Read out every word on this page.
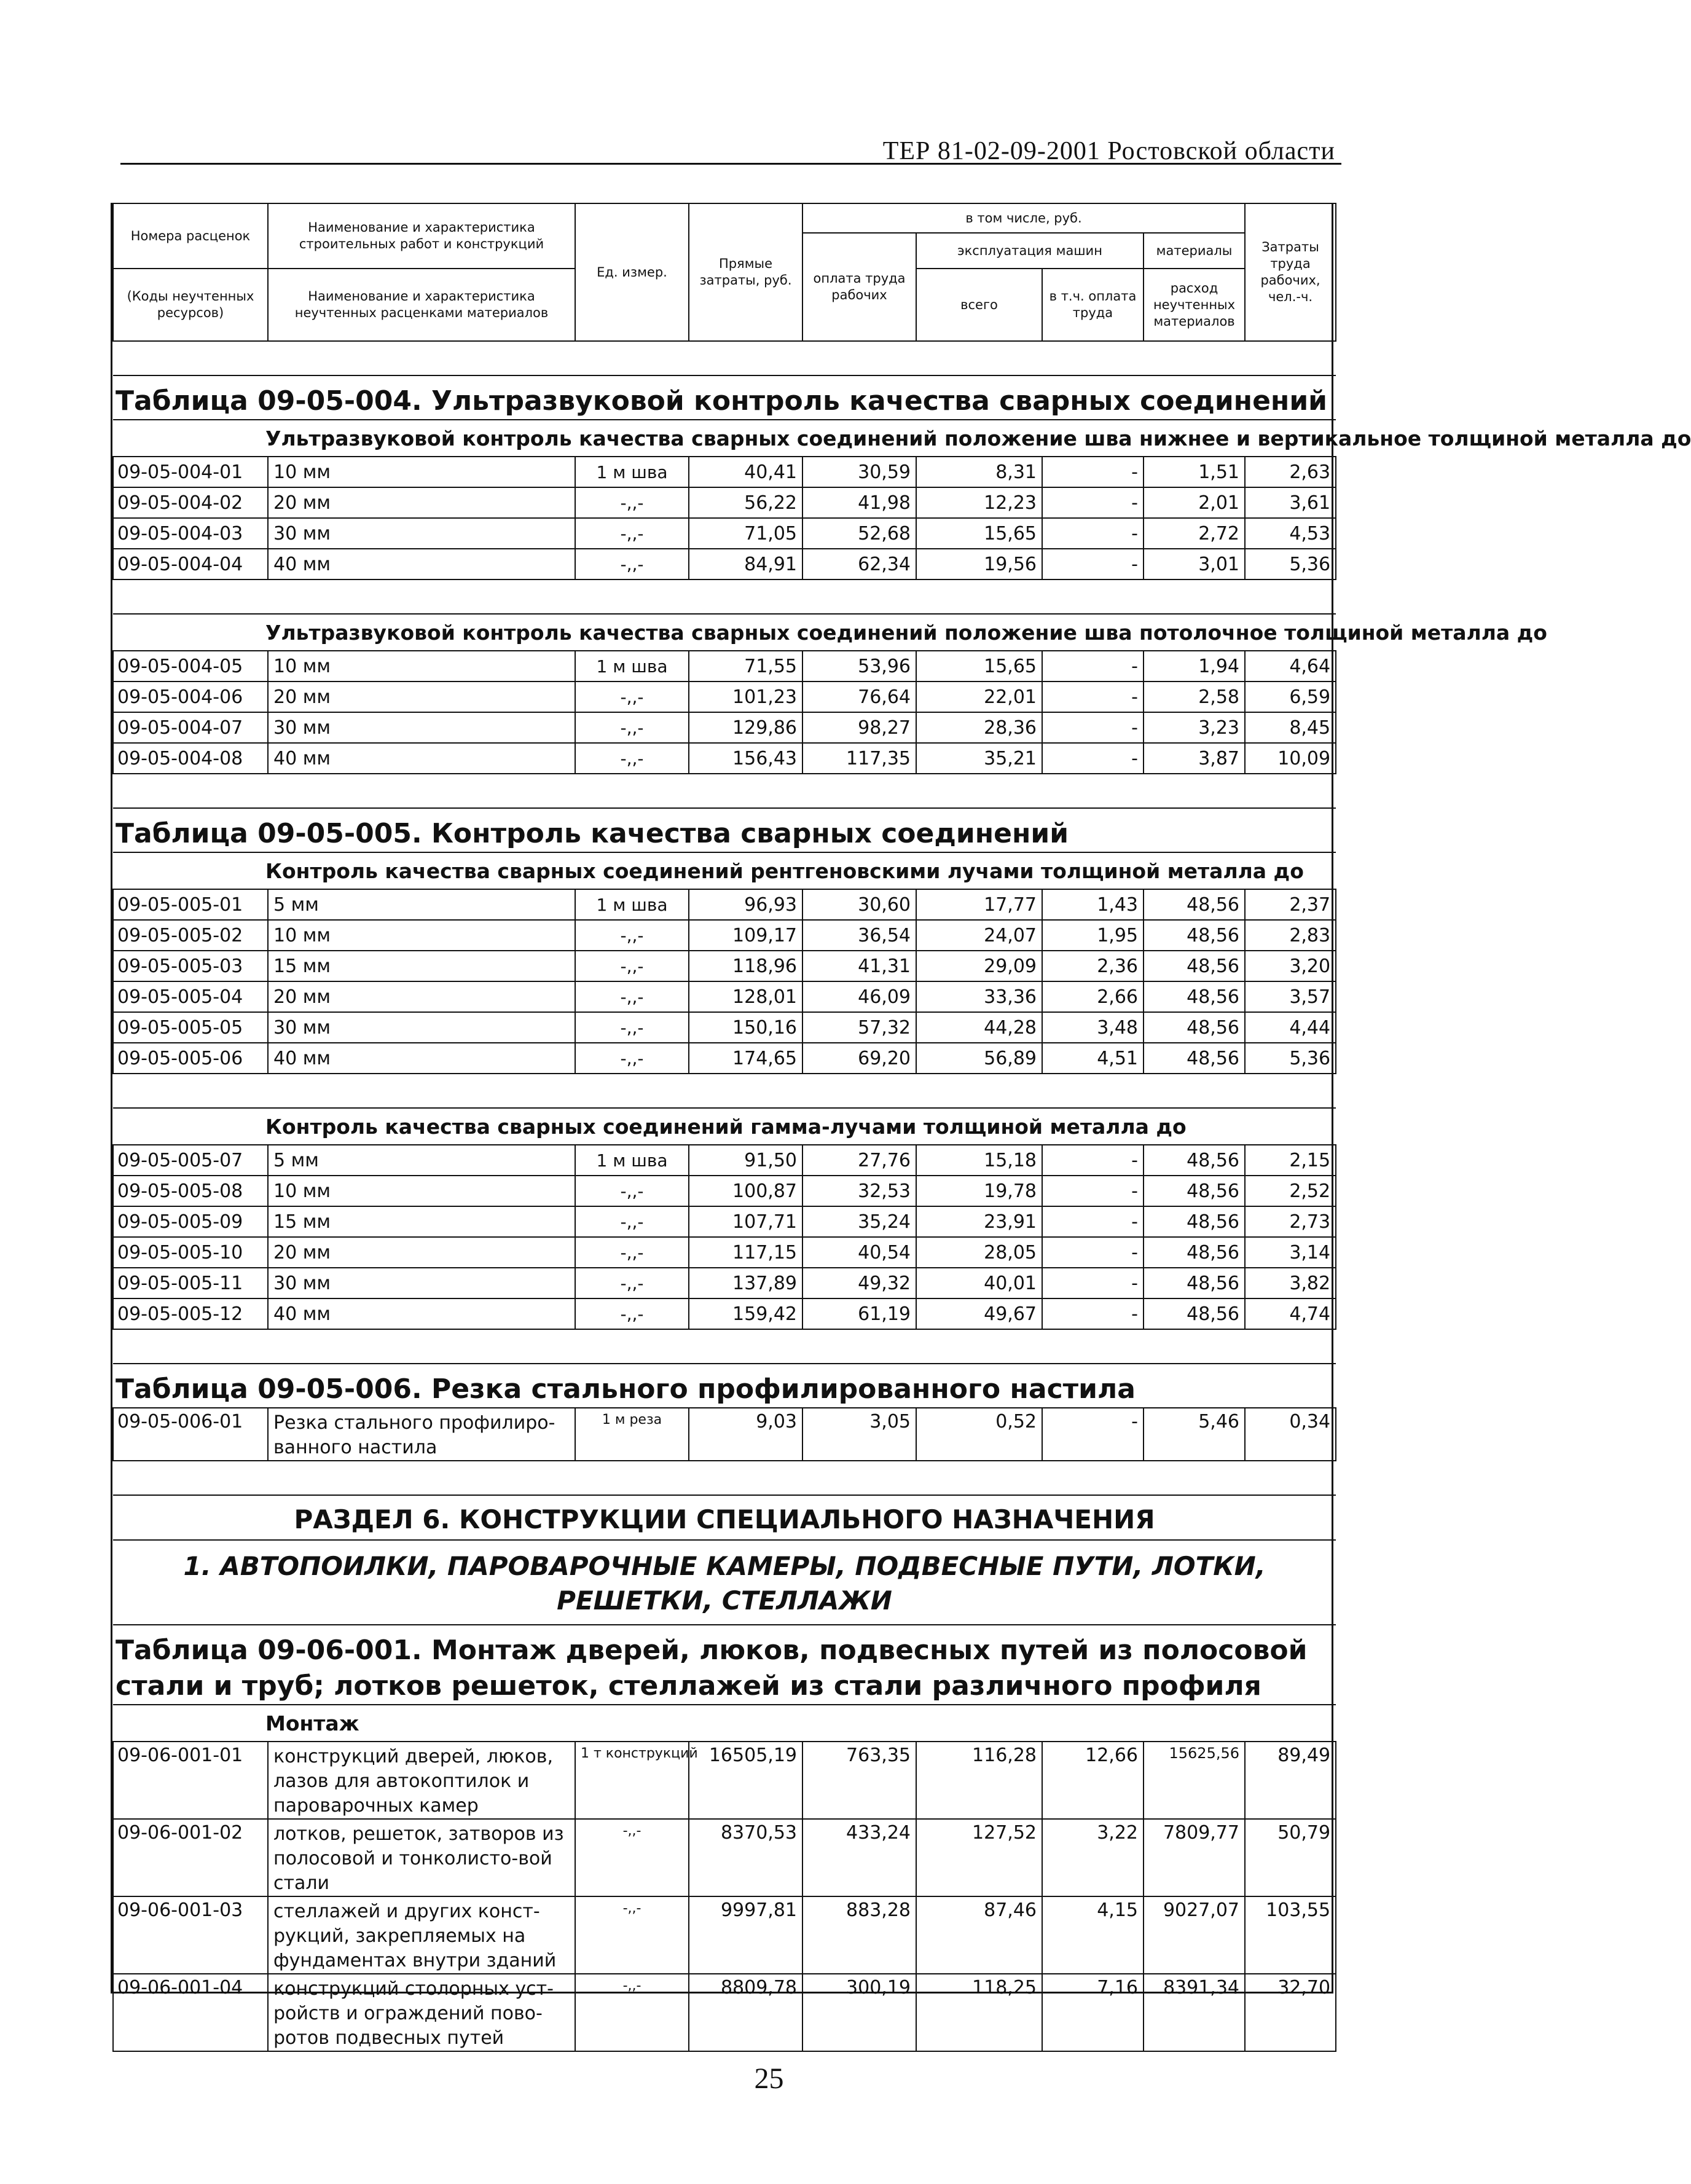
ТЕР 81-02-09-2001 Ростовской области
Номера расценок	Наименование и характеристика строительных работ и конструкций	Ед. измер.	Прямые затраты, руб.	в том числе, руб.				Затраты труда рабочих, чел.-ч.
				оплата труда рабочих	эксплуатация машин		материалы	
(Коды неучтенных ресурсов)	Наименование и характеристика неучтенных расценками материалов				всего	в т.ч. оплата труда	расход неучтенных материалов	

Таблица 09-05-004. Ультразвуковой контроль качества сварных соединений								
Ультразвуковой контроль качества сварных соединений положение шва нижнее и вертикальное толщиной металла до								
09-05-004-01	10 мм	1 м шва	40,41	30,59	8,31	-	1,51	2,63
09-05-004-02	20 мм	-,,-	56,22	41,98	12,23	-	2,01	3,61
09-05-004-03	30 мм	-,,-	71,05	52,68	15,65	-	2,72	4,53
09-05-004-04	40 мм	-,,-	84,91	62,34	19,56	-	3,01	5,36

Ультразвуковой контроль качества сварных соединений положение шва потолочное толщиной металла до								
09-05-004-05	10 мм	1 м шва	71,55	53,96	15,65	-	1,94	4,64
09-05-004-06	20 мм	-,,-	101,23	76,64	22,01	-	2,58	6,59
09-05-004-07	30 мм	-,,-	129,86	98,27	28,36	-	3,23	8,45
09-05-004-08	40 мм	-,,-	156,43	117,35	35,21	-	3,87	10,09

Таблица 09-05-005. Контроль качества сварных соединений								
Контроль качества сварных соединений рентгеновскими лучами толщиной металла до								
09-05-005-01	5 мм	1 м шва	96,93	30,60	17,77	1,43	48,56	2,37
09-05-005-02	10 мм	-,,-	109,17	36,54	24,07	1,95	48,56	2,83
09-05-005-03	15 мм	-,,-	118,96	41,31	29,09	2,36	48,56	3,20
09-05-005-04	20 мм	-,,-	128,01	46,09	33,36	2,66	48,56	3,57
09-05-005-05	30 мм	-,,-	150,16	57,32	44,28	3,48	48,56	4,44
09-05-005-06	40 мм	-,,-	174,65	69,20	56,89	4,51	48,56	5,36

Контроль качества сварных соединений гамма-лучами толщиной металла до								
09-05-005-07	5 мм	1 м шва	91,50	27,76	15,18	-	48,56	2,15
09-05-005-08	10 мм	-,,-	100,87	32,53	19,78	-	48,56	2,52
09-05-005-09	15 мм	-,,-	107,71	35,24	23,91	-	48,56	2,73
09-05-005-10	20 мм	-,,-	117,15	40,54	28,05	-	48,56	3,14
09-05-005-11	30 мм	-,,-	137,89	49,32	40,01	-	48,56	3,82
09-05-005-12	40 мм	-,,-	159,42	61,19	49,67	-	48,56	4,74

Таблица 09-05-006. Резка стального профилированного настила								
09-05-006-01	Резка стального профилиро-ванного настила	1 м реза	9,03	3,05	0,52	-	5,46	0,34

РАЗДЕЛ 6. КОНСТРУКЦИИ СПЕЦИАЛЬНОГО НАЗНАЧЕНИЯ								
1. АВТОПОИЛКИ, ПАРОВАРОЧНЫЕ КАМЕРЫ, ПОДВЕСНЫЕ ПУТИ, ЛОТКИ, РЕШЕТКИ, СТЕЛЛАЖИ								
Таблица 09-06-001. Монтаж дверей, люков, подвесных путей из полосовой стали и труб; лотков решеток, стеллажей из стали различного профиля								
Монтаж								
09-06-001-01	конструкций дверей, люков, лазов для автокоптилок и пароварочных камер	1 т конструкций	16505,19	763,35	116,28	12,66	15625,56	89,49
09-06-001-02	лотков, решеток, затворов из полосовой и тонколисто-вой стали	-,,-	8370,53	433,24	127,52	3,22	7809,77	50,79
09-06-001-03	стеллажей и других конст-рукций, закрепляемых на фундаментах внутри зданий	-,,-	9997,81	883,28	87,46	4,15	9027,07	103,55
09-06-001-04	конструкций столорных уст-ройств и ограждений пово-ротов подвесных путей	-,,-	8809,78	300,19	118,25	7,16	8391,34	32,70
25
